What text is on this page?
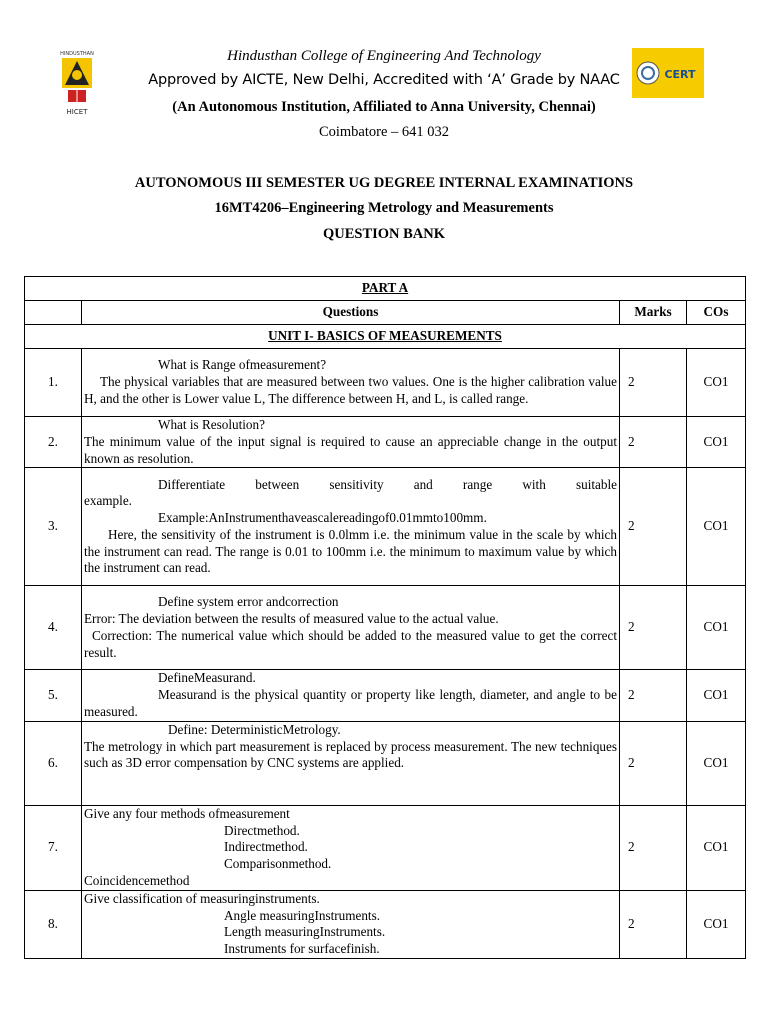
HINDUSTHAN
HICET
CERT
Hindusthan College of Engineering And Technology
Approved by AICTE, New Delhi, Accredited with ‘A’ Grade by NAAC
(An Autonomous Institution, Affiliated to Anna University, Chennai)
Coimbatore – 641 032
AUTONOMOUS III SEMESTER UG DEGREE INTERNAL EXAMINATIONS
16MT4206–Engineering Metrology and Measurements
QUESTION BANK
PART A			
	Questions	Marks	COs
UNIT I- BASICS OF MEASUREMENTS			
1.	What is Range ofmeasurement?
The physical variables that are measured between two values. One is the higher calibration value H, and the other is Lower value L, The difference between H, and L, is called range.	2	CO1
2.	What is Resolution?
The minimum value of the input signal is required to cause an appreciable change in the output known as resolution.	2	CO1
3.	Differentiate between sensitivity and range with suitable
example.
Example:AnInstrumenthaveascalereadingof0.01mmto100mm.
Here, the sensitivity of the instrument is 0.0lmm i.e. the minimum value in the scale by which the instrument can read. The range is 0.01 to 100mm i.e. the minimum to maximum value by which the instrument can read.	2	CO1
4.	Define system error andcorrection
Error: The deviation between the results of measured value to the actual value.
Correction: The numerical value which should be added to the measured value to get the correct result.	2	CO1
5.	DefineMeasurand.
Measurand is the physical quantity or property like length, diameter, and angle to be measured.	2	CO1
6.	Define: DeterministicMetrology.
The metrology in which part measurement is replaced by process measurement. The new techniques such as 3D error compensation by CNC systems are applied.	2	CO1
7.	Give any four methods ofmeasurement
Directmethod.
Indirectmethod.
Comparisonmethod.
Coincidencemethod	2	CO1
8.	Give classification of measuringinstruments.
Angle measuringInstruments.
Length measuringInstruments.
Instruments for surfacefinish.	2	CO1
